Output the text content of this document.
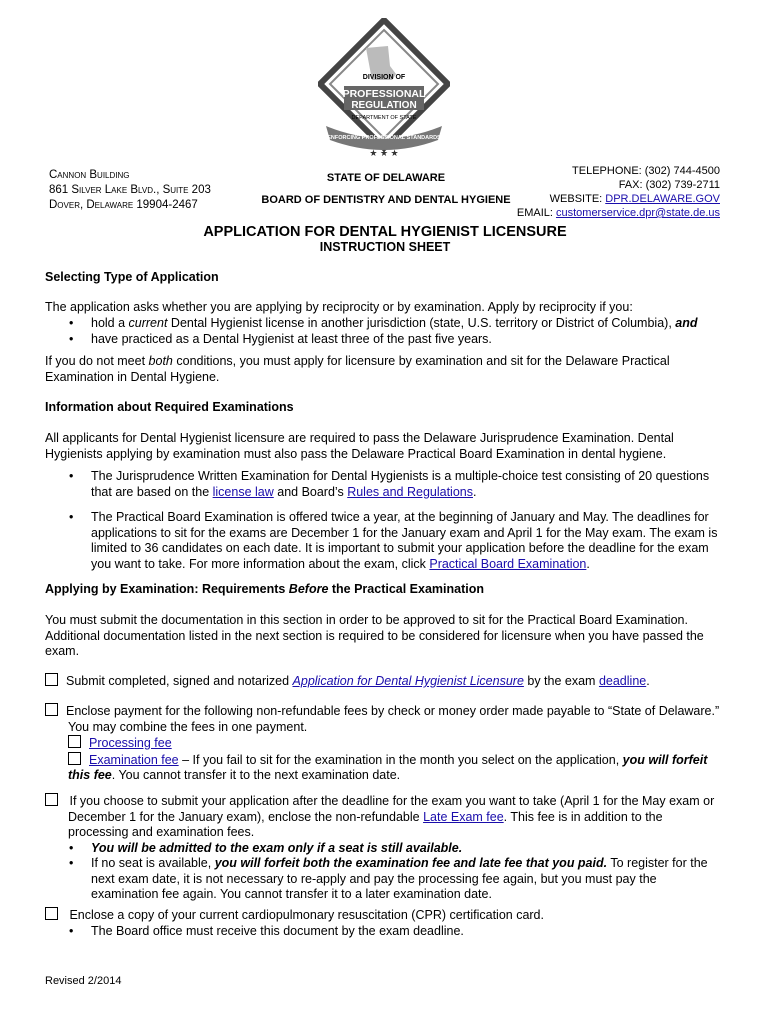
DIVISION OF
PROFESSIONAL
REGULATION
DEPARTMENT OF STATE
ENFORCING PROFESSIONAL STANDARDS
★ ★ ★
Cannon Building
861 Silver Lake Blvd., Suite 203
Dover, Delaware 19904-2467
STATE OF DELAWARE
BOARD OF DENTISTRY AND DENTAL HYGIENE
TELEPHONE: (302) 744-4500
FAX: (302) 739-2711
WEBSITE: DPR.DELAWARE.GOV
EMAIL: customerservice.dpr@state.de.us
APPLICATION FOR DENTAL HYGIENIST LICENSURE
INSTRUCTION SHEET
Selecting Type of Application
The application asks whether you are applying by reciprocity or by examination. Apply by reciprocity if you:
• hold a current Dental Hygienist license in another jurisdiction (state, U.S. territory or District of Columbia), and
• have practiced as a Dental Hygienist at least three of the past five years.
If you do not meet both conditions, you must apply for licensure by examination and sit for the Delaware Practical Examination in Dental Hygiene.
Information about Required Examinations
All applicants for Dental Hygienist licensure are required to pass the Delaware Jurisprudence Examination. Dental Hygienists applying by examination must also pass the Delaware Practical Board Examination in dental hygiene.
• The Jurisprudence Written Examination for Dental Hygienists is a multiple-choice test consisting of 20 questions that are based on the license law and Board’s Rules and Regulations.
• The Practical Board Examination is offered twice a year, at the beginning of January and May. The deadlines for applications to sit for the exams are December 1 for the January exam and April 1 for the May exam. The exam is limited to 36 candidates on each date. It is important to submit your application before the deadline for the exam you want to take. For more information about the exam, click Practical Board Examination.
Applying by Examination: Requirements Before the Practical Examination
You must submit the documentation in this section in order to be approved to sit for the Practical Board Examination. Additional documentation listed in the next section is required to be considered for licensure when you have passed the exam.
Submit completed, signed and notarized Application for Dental Hygienist Licensure by the exam deadline.
Enclose payment for the following non-refundable fees by check or money order made payable to “State of Delaware.”
You may combine the fees in one payment.
Processing fee
Examination fee – If you fail to sit for the examination in the month you select on the application, you will forfeit this fee. You cannot transfer it to the next examination date.
If you choose to submit your application after the deadline for the exam you want to take (April 1 for the May exam or December 1 for the January exam), enclose the non-refundable Late Exam fee. This fee is in addition to the processing and examination fees.
• You will be admitted to the exam only if a seat is still available.
• If no seat is available, you will forfeit both the examination fee and late fee that you paid. To register for the next exam date, it is not necessary to re-apply and pay the processing fee again, but you must pay the examination fee again. You cannot transfer it to a later examination date.
Enclose a copy of your current cardiopulmonary resuscitation (CPR) certification card.
• The Board office must receive this document by the exam deadline.
Revised 2/2014
